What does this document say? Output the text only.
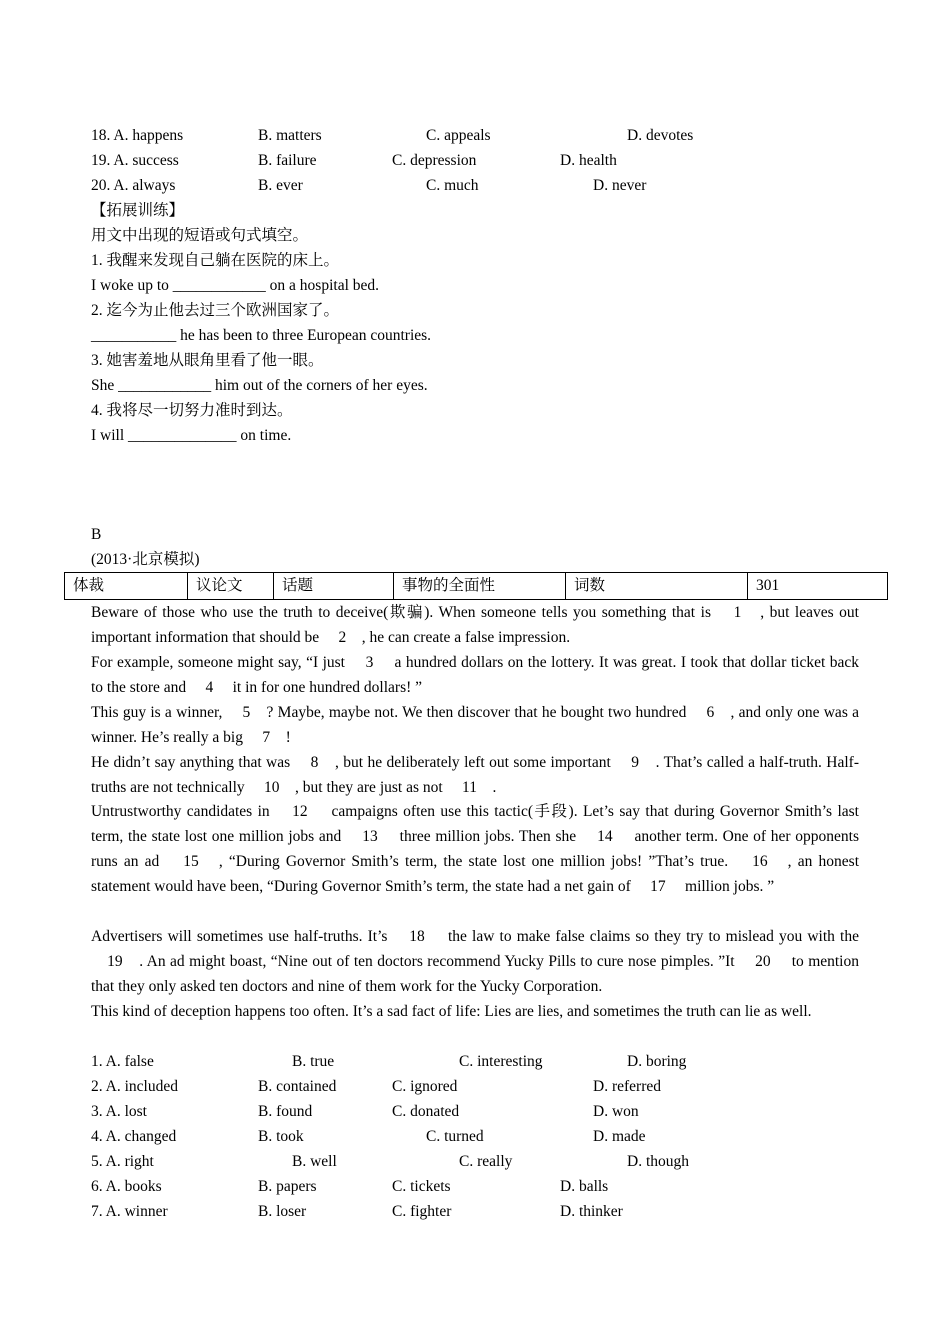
18. A. happens	B. matters	C. appeals	D. devotes
19. A. success	B. failure	C. depression	D. health
20. A. always	B. ever	C. much	D. never
【拓展训练】
用文中出现的短语或句式填空。
1. 我醒来发现自己躺在医院的床上。
I woke up to ____________ on a hospital bed.
2. 迄今为止他去过三个欧洲国家了。
___________ he has been to three European countries.
3. 她害羞地从眼角里看了他一眼。
She ____________ him out of the corners of her eyes.
4. 我将尽一切努力准时到达。
I will ______________ on time.
B
(2013·北京模拟)
体裁	议论文	话题	事物的全面性	词数	301
Beware of those who use the truth to deceive(欺骗). When someone tells you something that is 　1　, but leaves out important information that should be 　2　, he can create a false impression.
For example, someone might say, “I just 　3　 a hundred dollars on the lottery. It was great. I took that dollar ticket back to the store and 　4　 it in for one hundred dollars! ”
This guy is a winner, 　5　? Maybe, maybe not. We then discover that he bought two hundred 　6　, and only one was a winner. He’s really a big 　7　!
He didn’t say anything that was 　8　, but he deliberately left out some important 　9　. That’s called a half-truth. Half-truths are not technically 　10　, but they are just as not 　11　.
Untrustworthy candidates in 　12　 campaigns often use this tactic(手段). Let’s say that during Governor Smith’s last term, the state lost one million jobs and 　13　 three million jobs. Then she 　14　 another term. One of her opponents runs an ad 　15　, “During Governor Smith’s term, the state lost one million jobs! ”That’s true. 　16　, an honest statement would have been, “During Governor Smith’s term, the state had a net gain of 　17　 million jobs. ”
Advertisers will sometimes use half-truths. It’s 　18　 the law to make false claims so they try to mislead you with the 　19　. An ad might boast, “Nine out of ten doctors recommend Yucky Pills to cure nose pimples. ”It 　20　 to mention that they only asked ten doctors and nine of them work for the Yucky Corporation.
This kind of deception happens too often. It’s a sad fact of life: Lies are lies, and sometimes the truth can lie as well.
1. A. false	B. true	C. interesting	D. boring
2. A. included	B. contained	C. ignored	D. referred
3. A. lost	B. found	C. donated	D. won
4. A. changed	B. took	C. turned	D. made
5. A. right	B. well	C. really	D. though
6. A. books	B. papers	C. tickets	D. balls
7. A. winner	B. loser	C. fighter	D. thinker
